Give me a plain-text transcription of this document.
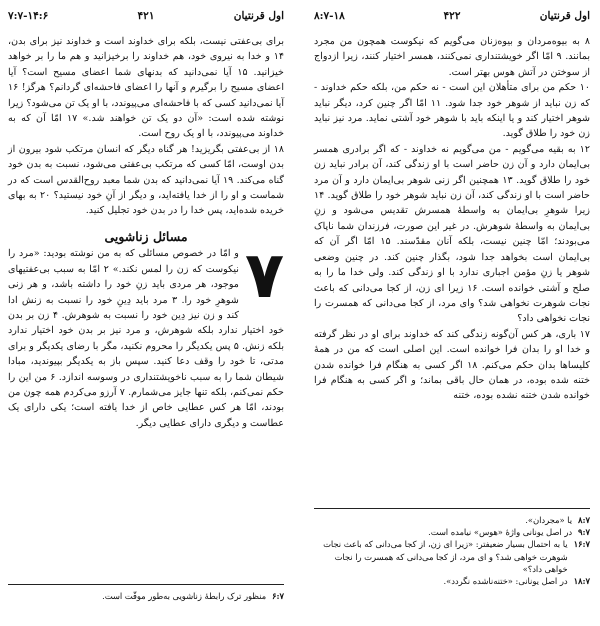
۷:۷-۱۴:۶	۴۲۱	اول قرنتیان

برای بی‌عفتی نیست، بلکه برای خداوند است و خداوند نیز برای بدن، ۱۴ و خدا به نیروی خود، هم خداوند را برخیزانید و هم ما را بر خواهد خیزانید. ۱۵ آیا نمی‌دانید که بدنهای شما اعضای مسیح است؟ آیا اعضای مسیح را برگیرم و آنها را اعضای فاحشه‌ای گردانم؟ هرگز! ۱۶ آیا نمی‌دانید کسی که با فاحشه‌ای می‌پیوندد، با او یک تن می‌شود؟ زیرا نوشته شده است: «آن دو یک تن خواهند شد.» ۱۷ امّا آن که به خداوند می‌پیوندد، با او یک روح است.

۱۸ از بی‌عفتی بگریزید! هر گناه دیگر که انسان مرتکب شود بیرون از بدن اوست، امّا کسی که مرتکب بی‌عفتی می‌شود، نسبت به بدن خود گناه می‌کند. ۱۹ آیا نمی‌دانید که بدن شما معبد روح‌القدس است که در شماست و او را از خدا یافته‌اید، و دیگر از آنِ خود نیستید؟ ۲۰ به بهای خریده شده‌اید، پس خدا را در بدن خود تجلیل کنید.

مسائل زناشویی
۷

و امّا در خصوص مسائلی که به من نوشته بودید: «مرد را نیکوست که زن را لمس نکند.» ۲ امّا به سبب بی‌عفتیهای موجود، هر مردی باید زنِ خود را داشته باشد، و هر زنی شوهرِ خود را. ۳ مرد باید دِینِ خود را نسبت به زنش ادا کند و زن نیز دِین خود را نسبت به شوهرش. ۴ زن بر بدن خود اختیار ندارد بلکه شوهرش، و مرد نیز بر بدن خود اختیار ندارد بلکه زنش. ۵ پس یکدیگر را محروم نکنید، مگر با رضای یکدیگر و برای مدتی، تا خود را وقف دعا کنید. سپس باز به یکدیگر بپیوندید، مبادا شیطان شما را به سبب ناخویشتنداری در وسوسه اندازد. ۶ من این را حکم نمی‌کنم، بلکه تنها جایز می‌شمارم. ۷ آرزو می‌کردم همه چون من بودند، امّا هر کس عطایی خاص از خدا یافته است؛ یکی دارای یک عطاست و دیگری دارای عطایی دیگر.

۶:۷
منظور ترک رابطهٔ زناشویی به‌طور موقّت است.
۸:۷-۱۸	۴۲۲	اول قرنتیان

۸ به بیوه‌مردان و بیوه‌زنان می‌گویم که نیکوست همچون من مجرد بمانند. ۹ امّا اگر خویشتنداری نمی‌کنند، همسر اختیار کنند، زیرا ازدواج از سوختن در آتش هوس بهتر است.

۱۰ حکم من برای متأهلان این است - نه حکم من، بلکه حکم خداوند - که زن نباید از شوهر خود جدا شود. ۱۱ امّا اگر چنین کرد، دیگر نباید شوهر اختیار کند و یا اینکه باید با شوهر خود آشتی نماید. مرد نیز نباید زن خود را طلاق گوید.

۱۲ به بقیه می‌گویم - من می‌گویم نه خداوند - که اگر برادری همسر بی‌ایمان دارد و آن زن حاضر است با او زندگی کند، آن برادر نباید زن خود را طلاق گوید. ۱۳ همچنین اگر زنی شوهر بی‌ایمان دارد و آن مرد حاضر است با او زندگی کند، آن زن نباید شوهر خود را طلاق گوید. ۱۴ زیرا شوهرِ بی‌ایمان به واسطهٔ همسرش تقدیس می‌شود و زنِ بی‌ایمان به واسطهٔ شوهرش. در غیر این صورت، فرزندان شما ناپاک می‌بودند؛ امّا چنین نیست، بلکه آنان مقدّسند. ۱۵ امّا اگر آن که بی‌ایمان است بخواهد جدا شود، بگذار چنین کند. در چنین وضعی شوهر یا زنِ مؤمن اجباری ندارد با او زندگی کند. ولی خدا ما را به صلح و آشتی خوانده است. ۱۶ زیرا ای زن، از کجا می‌دانی که باعث نجات شوهرت نخواهی شد؟ وای مرد، از کجا می‌دانی که همسرت را نجات نخواهی داد؟

۱۷ باری، هر کس آن‌گونه زندگی کند که خداوند برای او در نظر گرفته و خدا او را بدان فرا خوانده است. این اصلی است که من در همهٔ کلیساها بدان حکم می‌کنم. ۱۸ اگر کسی به هنگام فرا خوانده شدن ختنه شده بوده، در همان حال باقی بماند؛ و اگر کسی به هنگام فرا خوانده شدن ختنه نشده بوده، ختنه

۸:۷
یا «مجردان».
۹:۷
در اصل یونانی واژهٔ «هوس» نیامده است.
۱۶:۷
یا به احتمال بسیار ضعیفتر: «زیرا ای زن، از کجا می‌دانی که باعث نجات شوهرت خواهی شد؟ و ای مرد، از کجا می‌دانی که همسرت را نجات خواهی داد؟»
۱۸:۷
در اصل یونانی: «ختنه‌ناشده نگردد».
